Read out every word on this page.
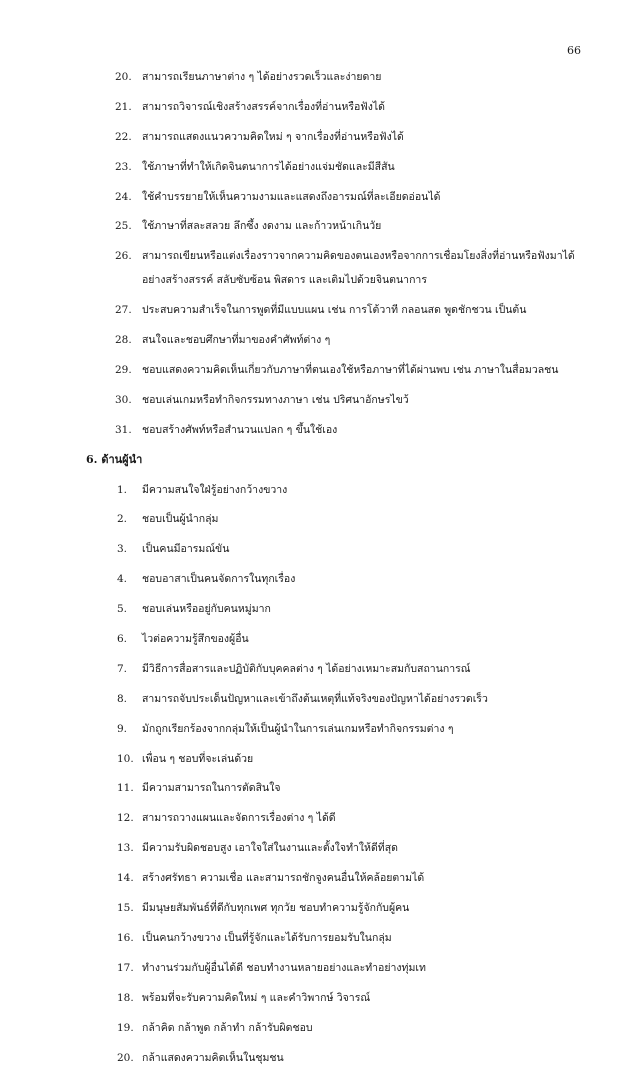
66
20. สามารถเรียนภาษาต่าง ๆ ได้อย่างรวดเร็วและง่ายดาย
21. สามารถวิจารณ์เชิงสร้างสรรค์จากเรื่องที่อ่านหรือฟังได้
22. สามารถแสดงแนวความคิดใหม่ ๆ จากเรื่องที่อ่านหรือฟังได้
23. ใช้ภาษาที่ทำให้เกิดจินตนาการได้อย่างแจ่มชัดและมีสีสัน
24. ใช้คำบรรยายให้เห็นความงามและแสดงถึงอารมณ์ที่ละเอียดอ่อนได้
25. ใช้ภาษาที่สละสลวย ลึกซึ้ง งดงาม และก้าวหน้าเกินวัย
26. สามารถเขียนหรือแต่งเรื่องราวจากความคิดของตนเองหรือจากการเชื่อมโยงสิ่งที่อ่านหรือฟังมาได้
อย่างสร้างสรรค์ สลับซับซ้อน พิสดาร และเติมไปด้วยจินตนาการ
27. ประสบความสำเร็จในการพูดที่มีแบบแผน เช่น การโต้วาที กลอนสด พูดชักชวน เป็นต้น
28. สนใจและชอบศึกษาที่มาของคำศัพท์ต่าง ๆ
29. ชอบแสดงความคิดเห็นเกี่ยวกับภาษาที่ตนเองใช้หรือภาษาที่ได้ผ่านพบ เช่น ภาษาในสื่อมวลชน
30. ชอบเล่นเกมหรือทำกิจกรรมทางภาษา เช่น ปริศนาอักษรไขว้
31. ชอบสร้างศัพท์หรือสำนวนแปลก ๆ ขึ้นใช้เอง
6. ด้านผู้นำ
1. มีความสนใจใฝ่รู้อย่างกว้างขวาง
2. ชอบเป็นผู้นำกลุ่ม
3. เป็นคนมีอารมณ์ขัน
4. ชอบอาสาเป็นคนจัดการในทุกเรื่อง
5. ชอบเล่นหรืออยู่กับคนหมู่มาก
6. ไวต่อความรู้สึกของผู้อื่น
7. มีวิธีการสื่อสารและปฏิบัติกับบุคคลต่าง ๆ ได้อย่างเหมาะสมกับสถานการณ์
8. สามารถจับประเด็นปัญหาและเข้าถึงต้นเหตุที่แท้จริงของปัญหาได้อย่างรวดเร็ว
9. มักถูกเรียกร้องจากกลุ่มให้เป็นผู้นำในการเล่นเกมหรือทำกิจกรรมต่าง ๆ
10. เพื่อน ๆ ชอบที่จะเล่นด้วย
11. มีความสามารถในการตัดสินใจ
12. สามารถวางแผนและจัดการเรื่องต่าง ๆ ได้ดี
13. มีความรับผิดชอบสูง เอาใจใส่ในงานและตั้งใจทำให้ดีที่สุด
14. สร้างศรัทธา ความเชื่อ และสามารถชักจูงคนอื่นให้คล้อยตามได้
15. มีมนุษยสัมพันธ์ที่ดีกับทุกเพศ ทุกวัย ชอบทำความรู้จักกับผู้คน
16. เป็นคนกว้างขวาง เป็นที่รู้จักและได้รับการยอมรับในกลุ่ม
17. ทำงานร่วมกับผู้อื่นได้ดี ชอบทำงานหลายอย่างและทำอย่างทุ่มเท
18. พร้อมที่จะรับความคิดใหม่ ๆ และคำวิพากษ์ วิจารณ์
19. กล้าคิด กล้าพูด กล้าทำ กล้ารับผิดชอบ
20. กล้าแสดงความคิดเห็นในชุมชน
